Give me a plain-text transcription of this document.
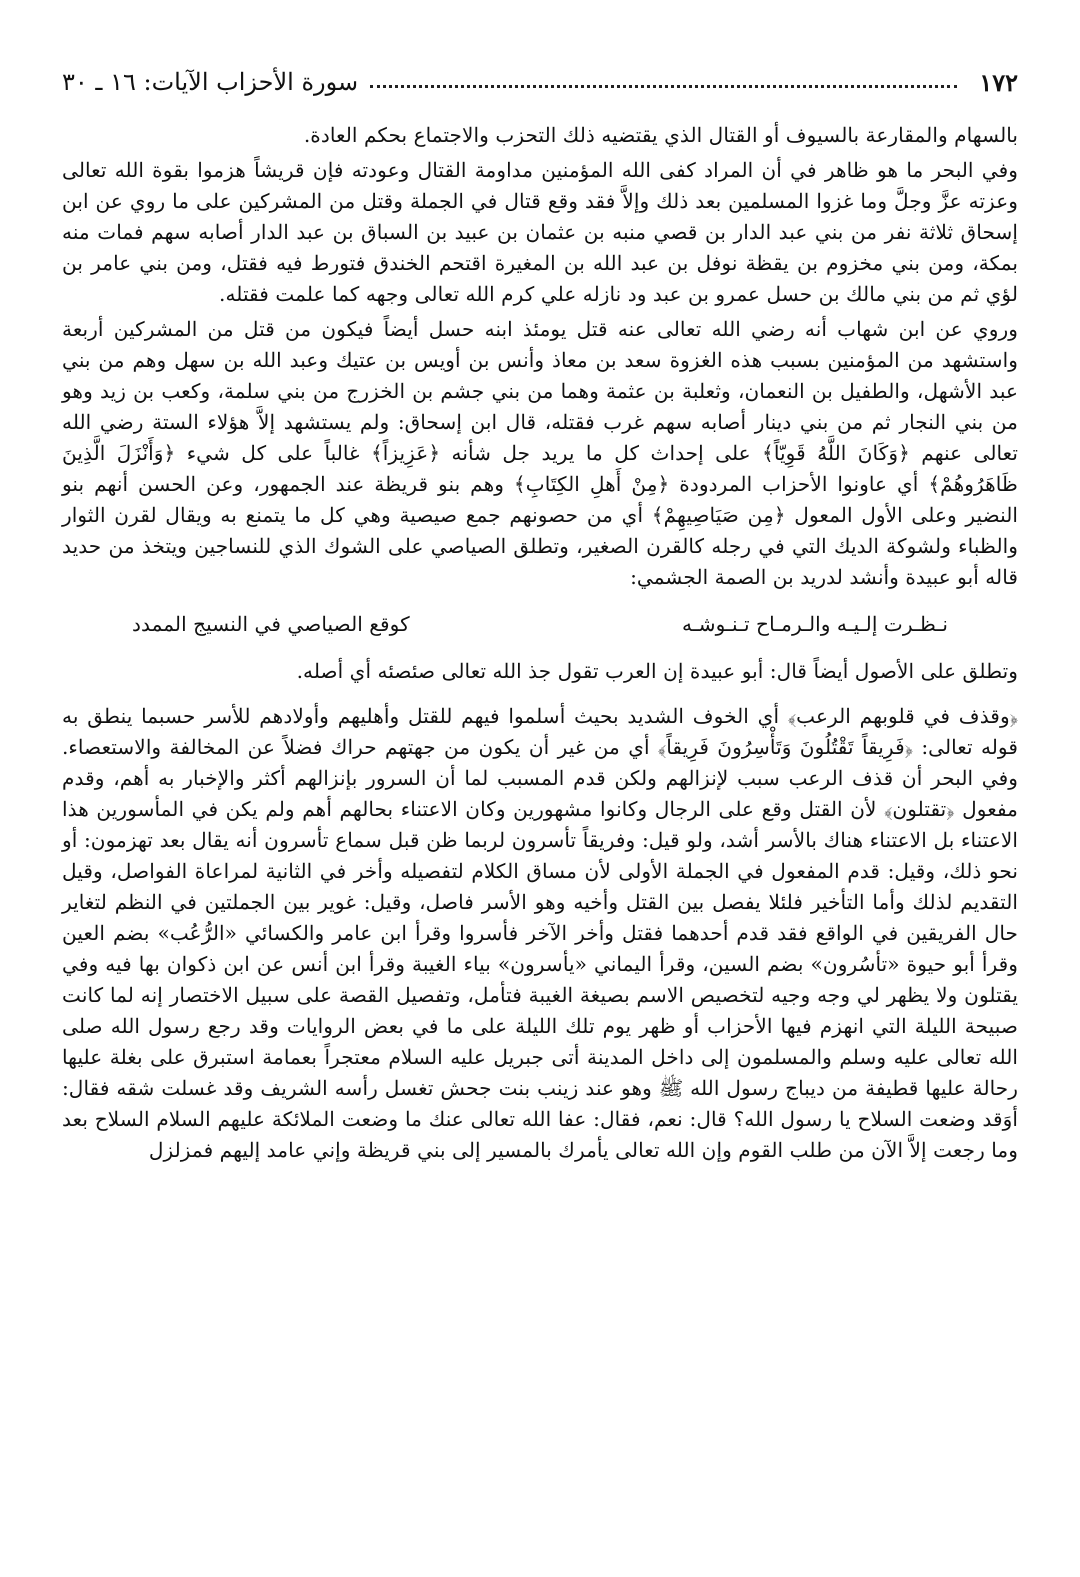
١٧٢
سورة الأحزاب الآيات: ١٦ ـ ٣٠

بالسهام والمقارعة بالسيوف أو القتال الذي يقتضيه ذلك التحزب والاجتماع بحكم العادة.

وفي البحر ما هو ظاهر في أن المراد كفى الله المؤمنين مداومة القتال وعودته فإن قريشاً هزموا بقوة الله تعالى وعزته عزَّ وجلَّ وما غزوا المسلمين بعد ذلك وإلاَّ فقد وقع قتال في الجملة وقتل من المشركين على ما روي عن ابن إسحاق ثلاثة نفر من بني عبد الدار بن قصي منبه بن عثمان بن عبيد بن السباق بن عبد الدار أصابه سهم فمات منه بمكة، ومن بني مخزوم بن يقظة نوفل بن عبد الله بن المغيرة اقتحم الخندق فتورط فيه فقتل، ومن بني عامر بن لؤي ثم من بني مالك بن حسل عمرو بن عبد ود نازله علي كرم الله تعالى وجهه كما علمت فقتله.

وروي عن ابن شهاب أنه رضي الله تعالى عنه قتل يومئذ ابنه حسل أيضاً فيكون من قتل من المشركين أربعة واستشهد من المؤمنين بسبب هذه الغزوة سعد بن معاذ وأنس بن أويس بن عتيك وعبد الله بن سهل وهم من بني عبد الأشهل، والطفيل بن النعمان، وثعلبة بن عثمة وهما من بني جشم بن الخزرج من بني سلمة، وكعب بن زيد وهو من بني النجار ثم من بني دينار أصابه سهم غرب فقتله، قال ابن إسحاق: ولم يستشهد إلاَّ هؤلاء الستة رضي الله تعالى عنهم ﴿وَكَانَ اللَّهُ قَوِيّاً﴾ على إحداث كل ما يريد جل شأنه ﴿عَزِيزاً﴾ غالباً على كل شيء ﴿وَأَنْزَلَ الَّذِينَ ظَاهَرُوهُمْ﴾ أي عاونوا الأحزاب المردودة ﴿مِنْ أَهلِ الكِتَابِ﴾ وهم بنو قريظة عند الجمهور، وعن الحسن أنهم بنو النضير وعلى الأول المعول ﴿مِن صَيَاصِيهِمْ﴾ أي من حصونهم جمع صيصية وهي كل ما يتمنع به ويقال لقرن الثوار والظباء ولشوكة الديك التي في رجله كالقرن الصغير، وتطلق الصياصي على الشوك الذي للنساجين ويتخذ من حديد قاله أبو عبيدة وأنشد لدريد بن الصمة الجشمي:

نـظـرت إلـيـه والـرمـاح تـنـوشـه
كوقع الصياصي في النسيج الممدد

وتطلق على الأصول أيضاً قال: أبو عبيدة إن العرب تقول جذ الله تعالى صئصئه أي أصله.

﴿وقذف في قلوبهم الرعب﴾ أي الخوف الشديد بحيث أسلموا فيهم للقتل وأهليهم وأولادهم للأسر حسبما ينطق به قوله تعالى: ﴿فَرِيقاً تَقْتُلُونَ وَتَأْسِرُونَ فَرِيقاً﴾ أي من غير أن يكون من جهتهم حراك فضلاً عن المخالفة والاستعصاء. وفي البحر أن قذف الرعب سبب لإنزالهم ولكن قدم المسبب لما أن السرور بإنزالهم أكثر والإخبار به أهم، وقدم مفعول ﴿تقتلون﴾ لأن القتل وقع على الرجال وكانوا مشهورين وكان الاعتناء بحالهم أهم ولم يكن في المأسورين هذا الاعتناء بل الاعتناء هناك بالأسر أشد، ولو قيل: وفريقاً تأسرون لربما ظن قبل سماع تأسرون أنه يقال بعد تهزمون: أو نحو ذلك، وقيل: قدم المفعول في الجملة الأولى لأن مساق الكلام لتفصيله وأخر في الثانية لمراعاة الفواصل، وقيل التقديم لذلك وأما التأخير فلئلا يفصل بين القتل وأخيه وهو الأسر فاصل، وقيل: غوير بين الجملتين في النظم لتغاير حال الفريقين في الواقع فقد قدم أحدهما فقتل وأخر الآخر فأسروا وقرأ ابن عامر والكسائي «الرُّعُب» بضم العين وقرأ أبو حيوة «تأسُرون» بضم السين، وقرأ اليماني «يأسرون» بياء الغيبة وقرأ ابن أنس عن ابن ذكوان بها فيه وفي يقتلون ولا يظهر لي وجه وجيه لتخصيص الاسم بصيغة الغيبة فتأمل، وتفصيل القصة على سبيل الاختصار إنه لما كانت صبيحة الليلة التي انهزم فيها الأحزاب أو ظهر يوم تلك الليلة على ما في بعض الروايات وقد رجع رسول الله صلى الله تعالى عليه وسلم والمسلمون إلى داخل المدينة أتى جبريل عليه السلام معتجراً بعمامة استبرق على بغلة عليها رحالة عليها قطيفة من ديباج رسول الله ﷺ وهو عند زينب بنت جحش تغسل رأسه الشريف وقد غسلت شقه فقال: أوَقد وضعت السلاح يا رسول الله؟ قال: نعم، فقال: عفا الله تعالى عنك ما وضعت الملائكة عليهم السلام السلاح بعد وما رجعت إلاَّ الآن من طلب القوم وإن الله تعالى يأمرك بالمسير إلى بني قريظة وإني عامد إليهم فمزلزل
